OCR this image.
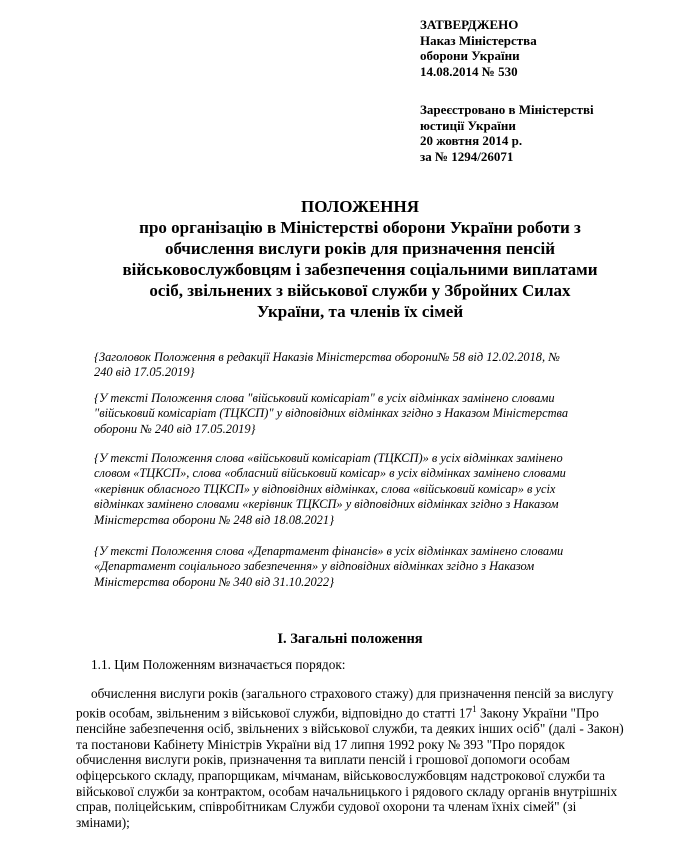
ЗАТВЕРДЖЕНО
Наказ Міністерства
оборони України
14.08.2014 № 530
Зареєстровано в Міністерстві
юстиції України
20 жовтня 2014 р.
за № 1294/26071
ПОЛОЖЕННЯ
про організацію в Міністерстві оборони України роботи з
обчислення вислуги років для призначення пенсій
військовослужбовцям і забезпечення соціальними виплатами
осіб, звільнених з військової служби у Збройних Силах
України, та членів їх сімей
{Заголовок Положення в редакції Наказів Міністерства оборони№ 58 від 12.02.2018, №
240 від 17.05.2019}
{У тексті Положення слова "військовий комісаріат" в усіх відмінках замінено словами
"військовий комісаріат (ТЦКСП)" у відповідних відмінках згідно з Наказом Міністерства
оборони № 240 від 17.05.2019}
{У тексті Положення слова «військовий комісаріат (ТЦКСП)» в усіх відмінках замінено
словом «ТЦКСП», слова «обласний військовий комісар» в усіх відмінках замінено словами
«керівник обласного ТЦКСП» у відповідних відмінках, слова «військовий комісар» в усіх
відмінках замінено словами «керівник ТЦКСП» у відповідних відмінках згідно з Наказом
Міністерства оборони № 248 від 18.08.2021}
{У тексті Положення слова «Департамент фінансів» в усіх відмінках замінено словами
«Департамент соціального забезпечення» у відповідних відмінках згідно з Наказом
Міністерства оборони № 340 від 31.10.2022}
І. Загальні положення
1.1. Цим Положенням визначається порядок:
обчислення вислуги років (загального страхового стажу) для призначення пенсій за вислугу
років особам, звільненим з військової служби, відповідно до статті $17^1$ Закону України "Про
пенсійне забезпечення осіб, звільнених з військової служби, та деяких інших осіб" (далі - Закон)
та постанови Кабінету Міністрів України від 17 липня 1992 року № 393 "Про порядок
обчислення вислуги років, призначення та виплати пенсій і грошової допомоги особам
офіцерського складу, прапорщикам, мічманам, військовослужбовцям надстрокової служби та
військової служби за контрактом, особам начальницького і рядового складу органів внутрішніх
справ, поліцейським, співробітникам Служби судової охорони та членам їхніх сімей" (зі
змінами);
